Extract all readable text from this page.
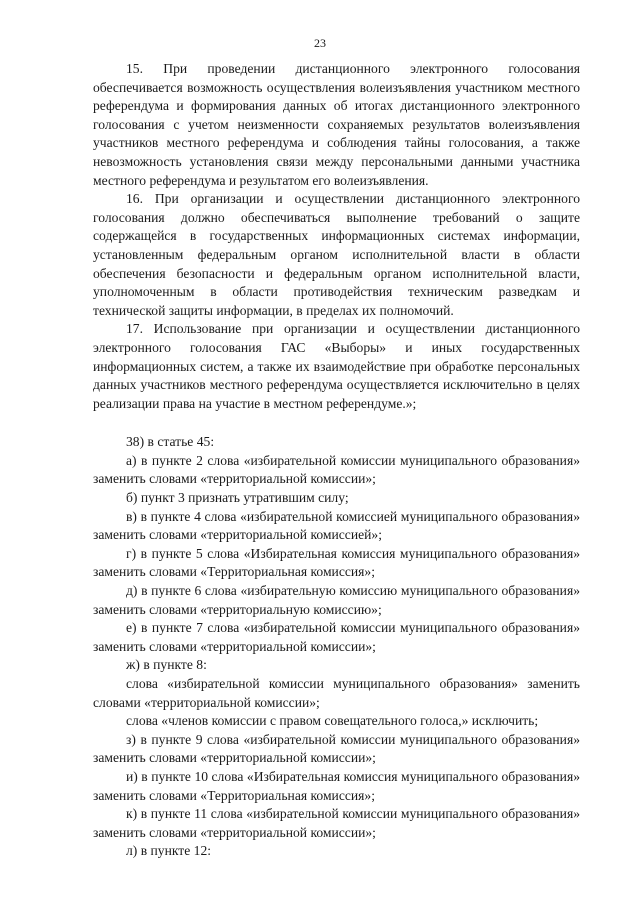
23

15. При проведении дистанционного электронного голосования обеспечивается возможность осуществления волеизъявления участником местного референдума и формирования данных об итогах дистанционного электронного голосования с учетом неизменности сохраняемых результатов волеизъявления участников местного референдума и соблюдения тайны голосования, а также невозможность установления связи между персональными данными участника местного референдума и результатом его волеизъявления.

16. При организации и осуществлении дистанционного электронного голосования должно обеспечиваться выполнение требований о защите содержащейся в государственных информационных системах информации, установленным федеральным органом исполнительной власти в области обеспечения безопасности и федеральным органом исполнительной власти, уполномоченным в области противодействия техническим разведкам и технической защиты информации, в пределах их полномочий.

17. Использование при организации и осуществлении дистанционного электронного голосования ГАС «Выборы» и иных государственных информационных систем, а также их взаимодействие при обработке персональных данных участников местного референдума осуществляется исключительно в целях реализации права на участие в местном референдуме.»;

38) в статье 45:

а) в пункте 2 слова «избирательной комиссии муниципального образования» заменить словами «территориальной комиссии»;

б) пункт 3 признать утратившим силу;

в) в пункте 4 слова «избирательной комиссией муниципального образования» заменить словами «территориальной комиссией»;

г) в пункте 5 слова «Избирательная комиссия муниципального образования» заменить словами «Территориальная комиссия»;

д) в пункте 6 слова «избирательную комиссию муниципального образования» заменить словами «территориальную комиссию»;

е) в пункте 7 слова «избирательной комиссии муниципального образования» заменить словами «территориальной комиссии»;

ж) в пункте 8:

слова «избирательной комиссии муниципального образования» заменить словами «территориальной комиссии»;

слова «членов комиссии с правом совещательного голоса,» исключить;

з) в пункте 9 слова «избирательной комиссии муниципального образования» заменить словами «территориальной комиссии»;

и) в пункте 10 слова «Избирательная комиссия муниципального образования» заменить словами «Территориальная комиссия»;

к) в пункте 11 слова «избирательной комиссии муниципального образования» заменить словами «территориальной комиссии»;

л) в пункте 12:
